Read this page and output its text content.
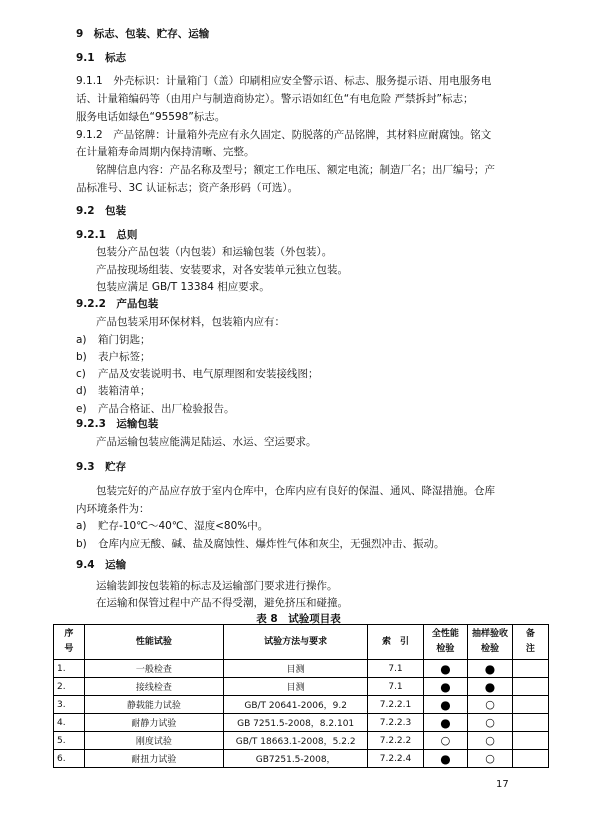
9　标志、包装、贮存、运输
9.1　标志
9.1.1　外壳标识：计量箱门（盖）印刷相应安全警示语、标志、服务提示语、用电服务电
话、计量箱编码等（由用户与制造商协定）。警示语如红色“有电危险 严禁拆封”标志；
服务电话如绿色“95598”标志。
9.1.2　产品铭牌：计量箱外壳应有永久固定、防脱落的产品铭牌，其材料应耐腐蚀。铭文
在计量箱寿命周期内保持清晰、完整。
铭牌信息内容：产品名称及型号；额定工作电压、额定电流；制造厂名；出厂编号；产
品标准号、3C 认证标志；资产条形码（可选）。
9.2　包装
9.2.1　总则
包装分产品包装（内包装）和运输包装（外包装）。
产品按现场组装、安装要求，对各安装单元独立包装。
包装应满足 GB/T 13384 相应要求。
9.2.2　产品包装
产品包装采用环保材料，包装箱内应有：
a) 箱门钥匙；
b) 表户标签；
c) 产品及安装说明书、电气原理图和安装接线图；
d) 装箱清单；
e) 产品合格证、出厂检验报告。
9.2.3　运输包装
产品运输包装应能满足陆运、水运、空运要求。
9.3　贮存
包装完好的产品应存放于室内仓库中，仓库内应有良好的保温、通风、降湿措施。仓库
内环境条件为：
a) 贮存-10℃～40℃、湿度<80%中。
b) 仓库内应无酸、碱、盐及腐蚀性、爆炸性气体和灰尘，无强烈冲击、振动。
9.4　运输
运输装卸按包装箱的标志及运输部门要求进行操作。
在运输和保管过程中产品不得受潮，避免挤压和碰撞。
表 8　试验项目表
序号	性能试验	试验方法与要求	索　引	全性能检验	抽样验收检验	备注
1.	一般检查	目测	7.1	●	●	
2.	接线检查	目测	7.1	●	●	
3.	静载能力试验	GB/T 20641-2006，9.2	7.2.2.1	●	○	
4.	耐静力试验	GB 7251.5-2008，8.2.101	7.2.2.3	●	○	
5.	刚度试验	GB/T 18663.1-2008，5.2.2	7.2.2.2	○	○	
6.	耐扭力试验	GB7251.5-2008，	7.2.2.4	●	○	
17
